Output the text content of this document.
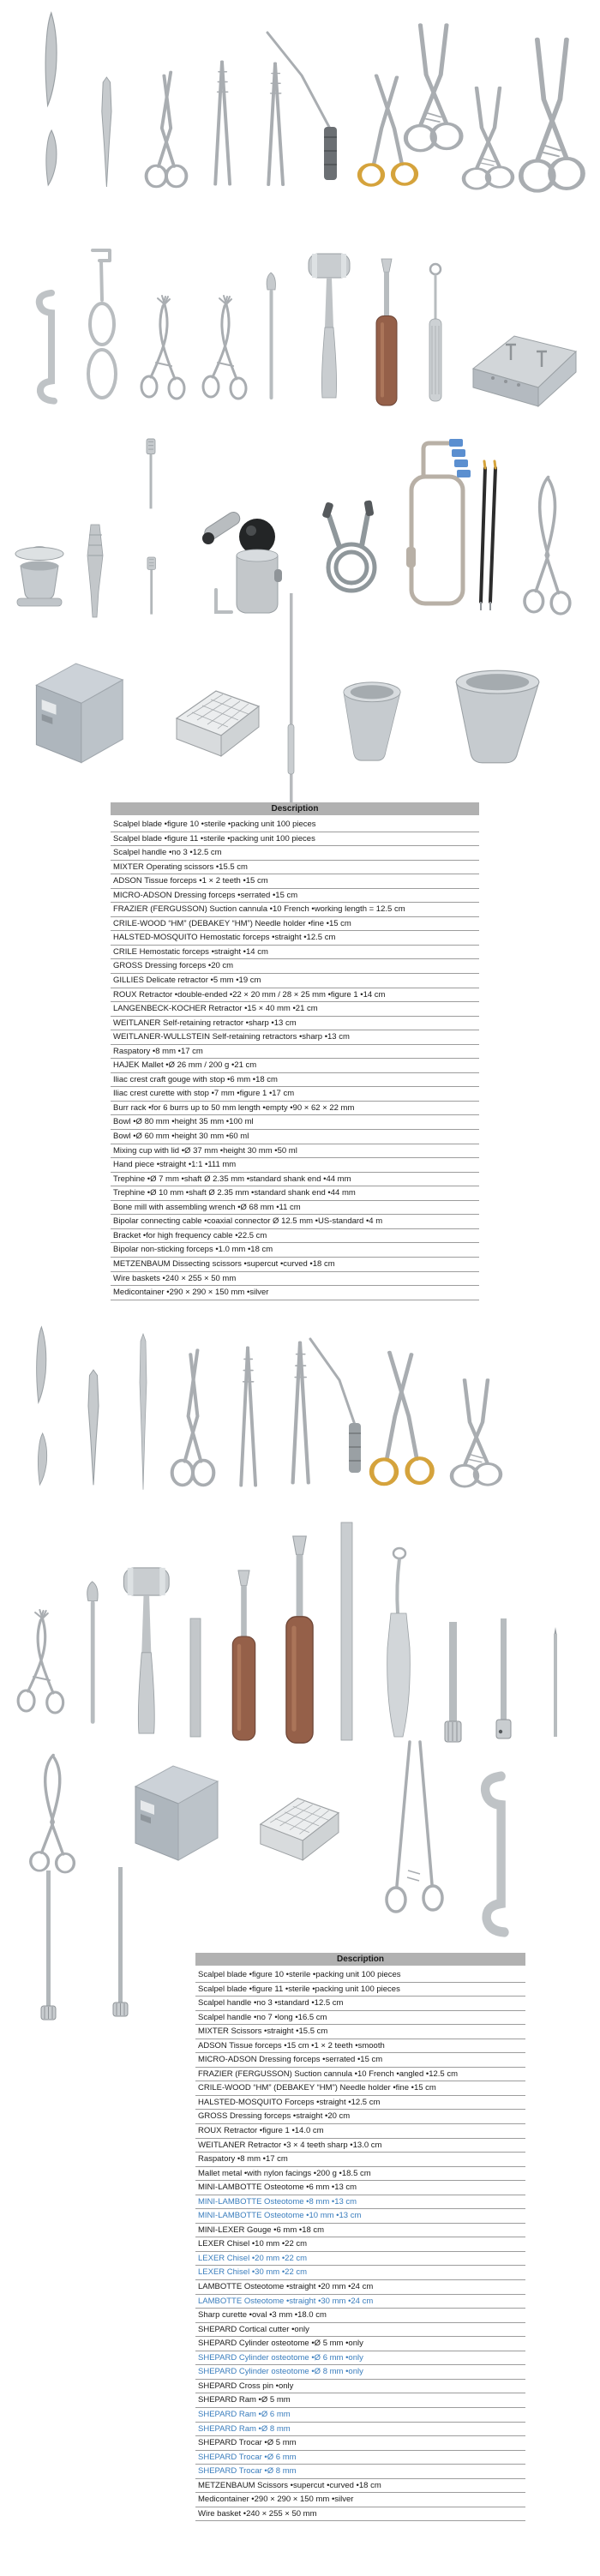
Description
Scalpel blade •figure 10 •sterile •packing unit 100 pieces
Scalpel blade •figure 11 •sterile •packing unit 100 pieces
Scalpel handle •no 3 •12.5 cm
MIXTER Operating scissors •15.5 cm
ADSON Tissue forceps •1 × 2 teeth •15 cm
MICRO-ADSON Dressing forceps •serrated •15 cm
FRAZIER (FERGUSSON) Suction cannula •10 French •working length = 12.5 cm
CRILE-WOOD “HM” (DEBAKEY “HM”) Needle holder •fine •15 cm
HALSTED-MOSQUITO Hemostatic forceps •straight •12.5 cm
CRILE Hemostatic forceps •straight •14 cm
GROSS Dressing forceps •20 cm
GILLIES Delicate retractor •5 mm •19 cm
ROUX Retractor •double-ended •22 × 20 mm / 28 × 25 mm •figure 1 •14 cm
LANGENBECK-KOCHER Retractor •15 × 40 mm •21 cm
WEITLANER Self-retaining retractor •sharp •13 cm
WEITLANER-WULLSTEIN Self-retaining retractors •sharp •13 cm
Raspatory •8 mm •17 cm
HAJEK Mallet •Ø 26 mm / 200 g •21 cm
Iliac crest craft gouge with stop •6 mm •18 cm
Iliac crest curette with stop •7 mm •figure 1 •17 cm
Burr rack •for 6 burrs up to 50 mm length •empty •90 × 62 × 22 mm
Bowl •Ø 80 mm •height 35 mm •100 ml
Bowl •Ø 60 mm •height 30 mm •60 ml
Mixing cup with lid •Ø 37 mm •height 30 mm •50 ml
Hand piece •straight •1:1 •111 mm
Trephine •Ø 7 mm •shaft Ø 2.35 mm •standard shank end •44 mm
Trephine •Ø 10 mm •shaft Ø 2.35 mm •standard shank end •44 mm
Bone mill with assembling wrench •Ø 68 mm •11 cm
Bipolar connecting cable •coaxial connector Ø 12.5 mm •US-standard •4 m
Bracket •for high frequency cable •22.5 cm
Bipolar non-sticking forceps •1.0 mm •18 cm
METZENBAUM Dissecting scissors •supercut •curved •18 cm
Wire baskets •240 × 255 × 50 mm
Medicontainer •290 × 290 × 150 mm •silver
Description
Scalpel blade •figure 10 •sterile •packing unit 100 pieces
Scalpel blade •figure 11 •sterile •packing unit 100 pieces
Scalpel handle •no 3 •standard •12.5 cm
Scalpel handle •no 7 •long •16.5 cm
MIXTER Scissors •straight •15.5 cm
ADSON Tissue forceps •15 cm •1 × 2 teeth •smooth
MICRO-ADSON Dressing forceps •serrated •15 cm
FRAZIER (FERGUSSON) Suction cannula •10 French •angled •12.5 cm
CRILE-WOOD “HM” (DEBAKEY “HM”) Needle holder •fine •15 cm
HALSTED-MOSQUITO Forceps •straight •12.5 cm
GROSS Dressing forceps •straight •20 cm
ROUX Retractor •figure 1 •14.0 cm
WEITLANER Retractor •3 × 4 teeth sharp •13.0 cm
Raspatory •8 mm •17 cm
Mallet metal •with nylon facings •200 g •18.5 cm
MINI-LAMBOTTE Osteotome •6 mm •13 cm
MINI-LAMBOTTE Osteotome •8 mm •13 cm
MINI-LAMBOTTE Osteotome •10 mm •13 cm
MINI-LEXER Gouge •6 mm •18 cm
LEXER Chisel •10 mm •22 cm
LEXER Chisel •20 mm •22 cm
LEXER Chisel •30 mm •22 cm
LAMBOTTE Osteotome •straight •20 mm •24 cm
LAMBOTTE Osteotome •straight •30 mm •24 cm
Sharp curette •oval •3 mm •18.0 cm
SHEPARD Cortical cutter •only
SHEPARD Cylinder osteotome •Ø 5 mm •only
SHEPARD Cylinder osteotome •Ø 6 mm •only
SHEPARD Cylinder osteotome •Ø 8 mm •only
SHEPARD Cross pin •only
SHEPARD Ram •Ø 5 mm
SHEPARD Ram •Ø 6 mm
SHEPARD Ram •Ø 8 mm
SHEPARD Trocar •Ø 5 mm
SHEPARD Trocar •Ø 6 mm
SHEPARD Trocar •Ø 8 mm
METZENBAUM Scissors •supercut •curved •18 cm
Medicontainer •290 × 290 × 150 mm •silver
Wire basket •240 × 255 × 50 mm
